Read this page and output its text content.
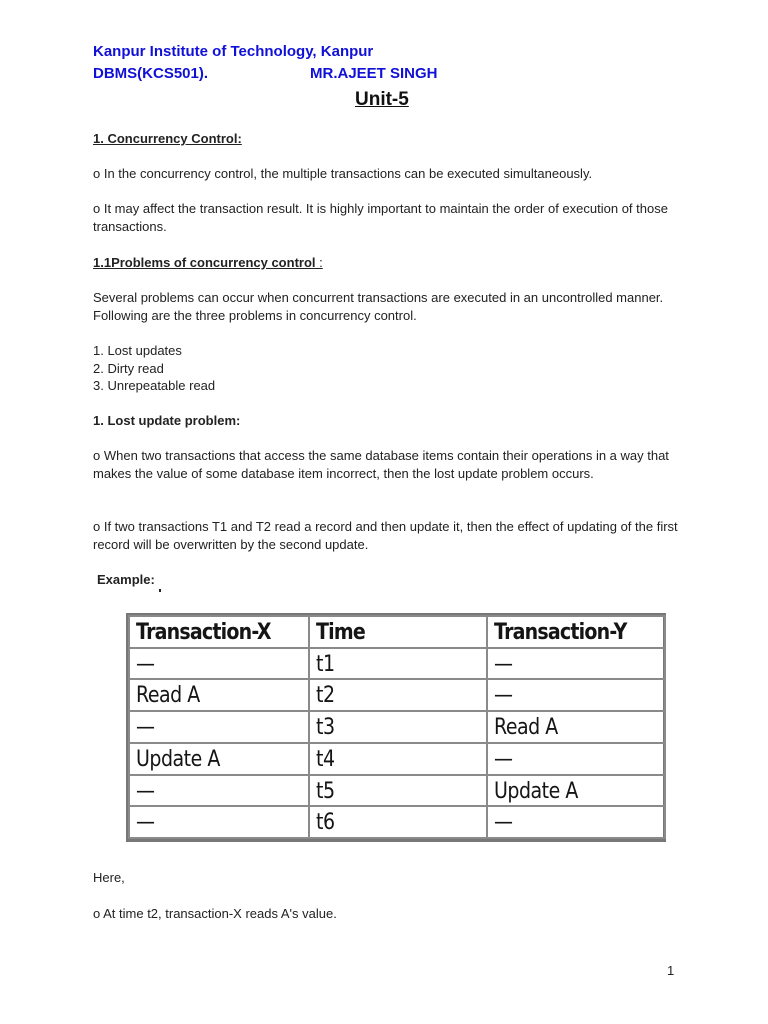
Kanpur Institute of Technology, Kanpur
DBMS(KCS501).	MR.AJEET SINGH
Unit-5
1. Concurrency Control:
o In the concurrency control, the multiple transactions can be executed simultaneously.
o It may affect the transaction result. It is highly important to maintain the order of execution of those transactions.
1.1Problems of concurrency control :
Several problems can occur when concurrent transactions are executed in an uncontrolled manner. Following are the three problems in concurrency control.
1. Lost updates
2. Dirty read
3. Unrepeatable read
1. Lost update problem:
o When two transactions that access the same database items contain their operations in a way that makes the value of some database item incorrect, then the lost update problem occurs.
o If two transactions T1 and T2 read a record and then update it, then the effect of updating of the first record will be overwritten by the second update.
Example:
Transaction-X	Time	Transaction-Y
—	t1	—
Read A	t2	—
—	t3	Read A
Update A	t4	—
—	t5	Update A
—	t6	—
Here,
o At time t2, transaction-X reads A's value.
1
